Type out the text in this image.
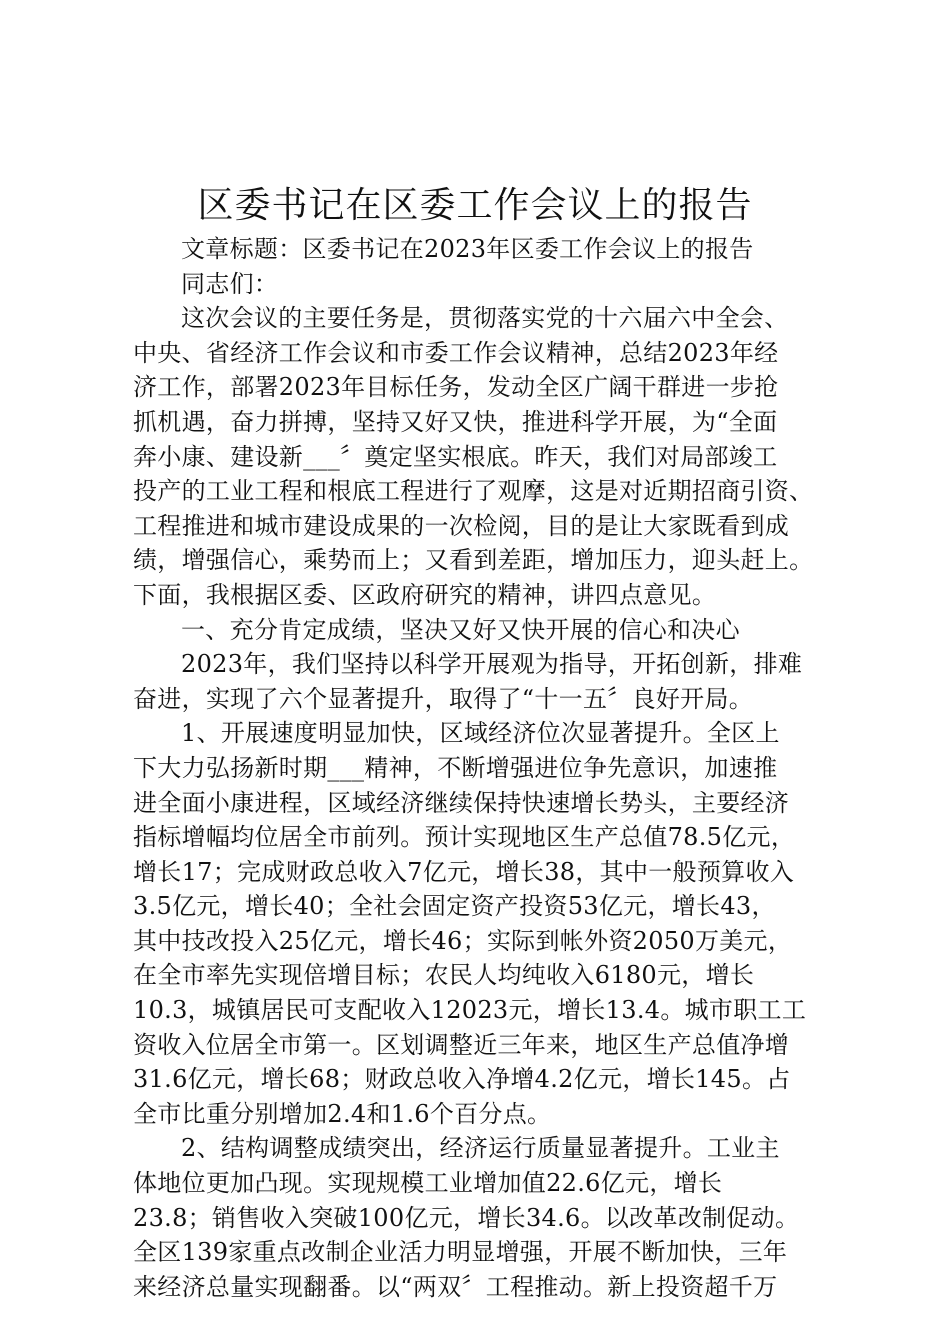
区委书记在区委工作会议上的报告
文章标题：区委书记在2023年区委工作会议上的报告
同志们：
这次会议的主要任务是，贯彻落实党的十六届六中全会、
中央、省经济工作会议和市委工作会议精神，总结2023年经
济工作，部署2023年目标任务，发动全区广阔干群进一步抢
抓机遇，奋力拼搏，坚持又好又快，推进科学开展，为“全面
奔小康、建设新___〞奠定坚实根底。昨天，我们对局部竣工
投产的工业工程和根底工程进行了观摩，这是对近期招商引资、
工程推进和城市建设成果的一次检阅，目的是让大家既看到成
绩，增强信心，乘势而上；又看到差距，增加压力，迎头赶上。
下面，我根据区委、区政府研究的精神，讲四点意见。
一、充分肯定成绩，坚决又好又快开展的信心和决心
2023年，我们坚持以科学开展观为指导，开拓创新，排难
奋进，实现了六个显著提升，取得了“十一五〞良好开局。
1、开展速度明显加快，区域经济位次显著提升。全区上
下大力弘扬新时期___精神，不断增强进位争先意识，加速推
进全面小康进程，区域经济继续保持快速增长势头，主要经济
指标增幅均位居全市前列。预计实现地区生产总值78.5亿元，
增长17；完成财政总收入7亿元，增长38，其中一般预算收入
3.5亿元，增长40；全社会固定资产投资53亿元，增长43，
其中技改投入25亿元，增长46；实际到帐外资2050万美元，
在全市率先实现倍增目标；农民人均纯收入6180元，增长
10.3，城镇居民可支配收入12023元，增长13.4。城市职工工
资收入位居全市第一。区划调整近三年来，地区生产总值净增
31.6亿元，增长68；财政总收入净增4.2亿元，增长145。占
全市比重分别增加2.4和1.6个百分点。
2、结构调整成绩突出，经济运行质量显著提升。工业主
体地位更加凸现。实现规模工业增加值22.6亿元，增长
23.8；销售收入突破100亿元，增长34.6。以改革改制促动。
全区139家重点改制企业活力明显增强，开展不断加快，三年
来经济总量实现翻番。以“两双〞工程推动。新上投资超千万
